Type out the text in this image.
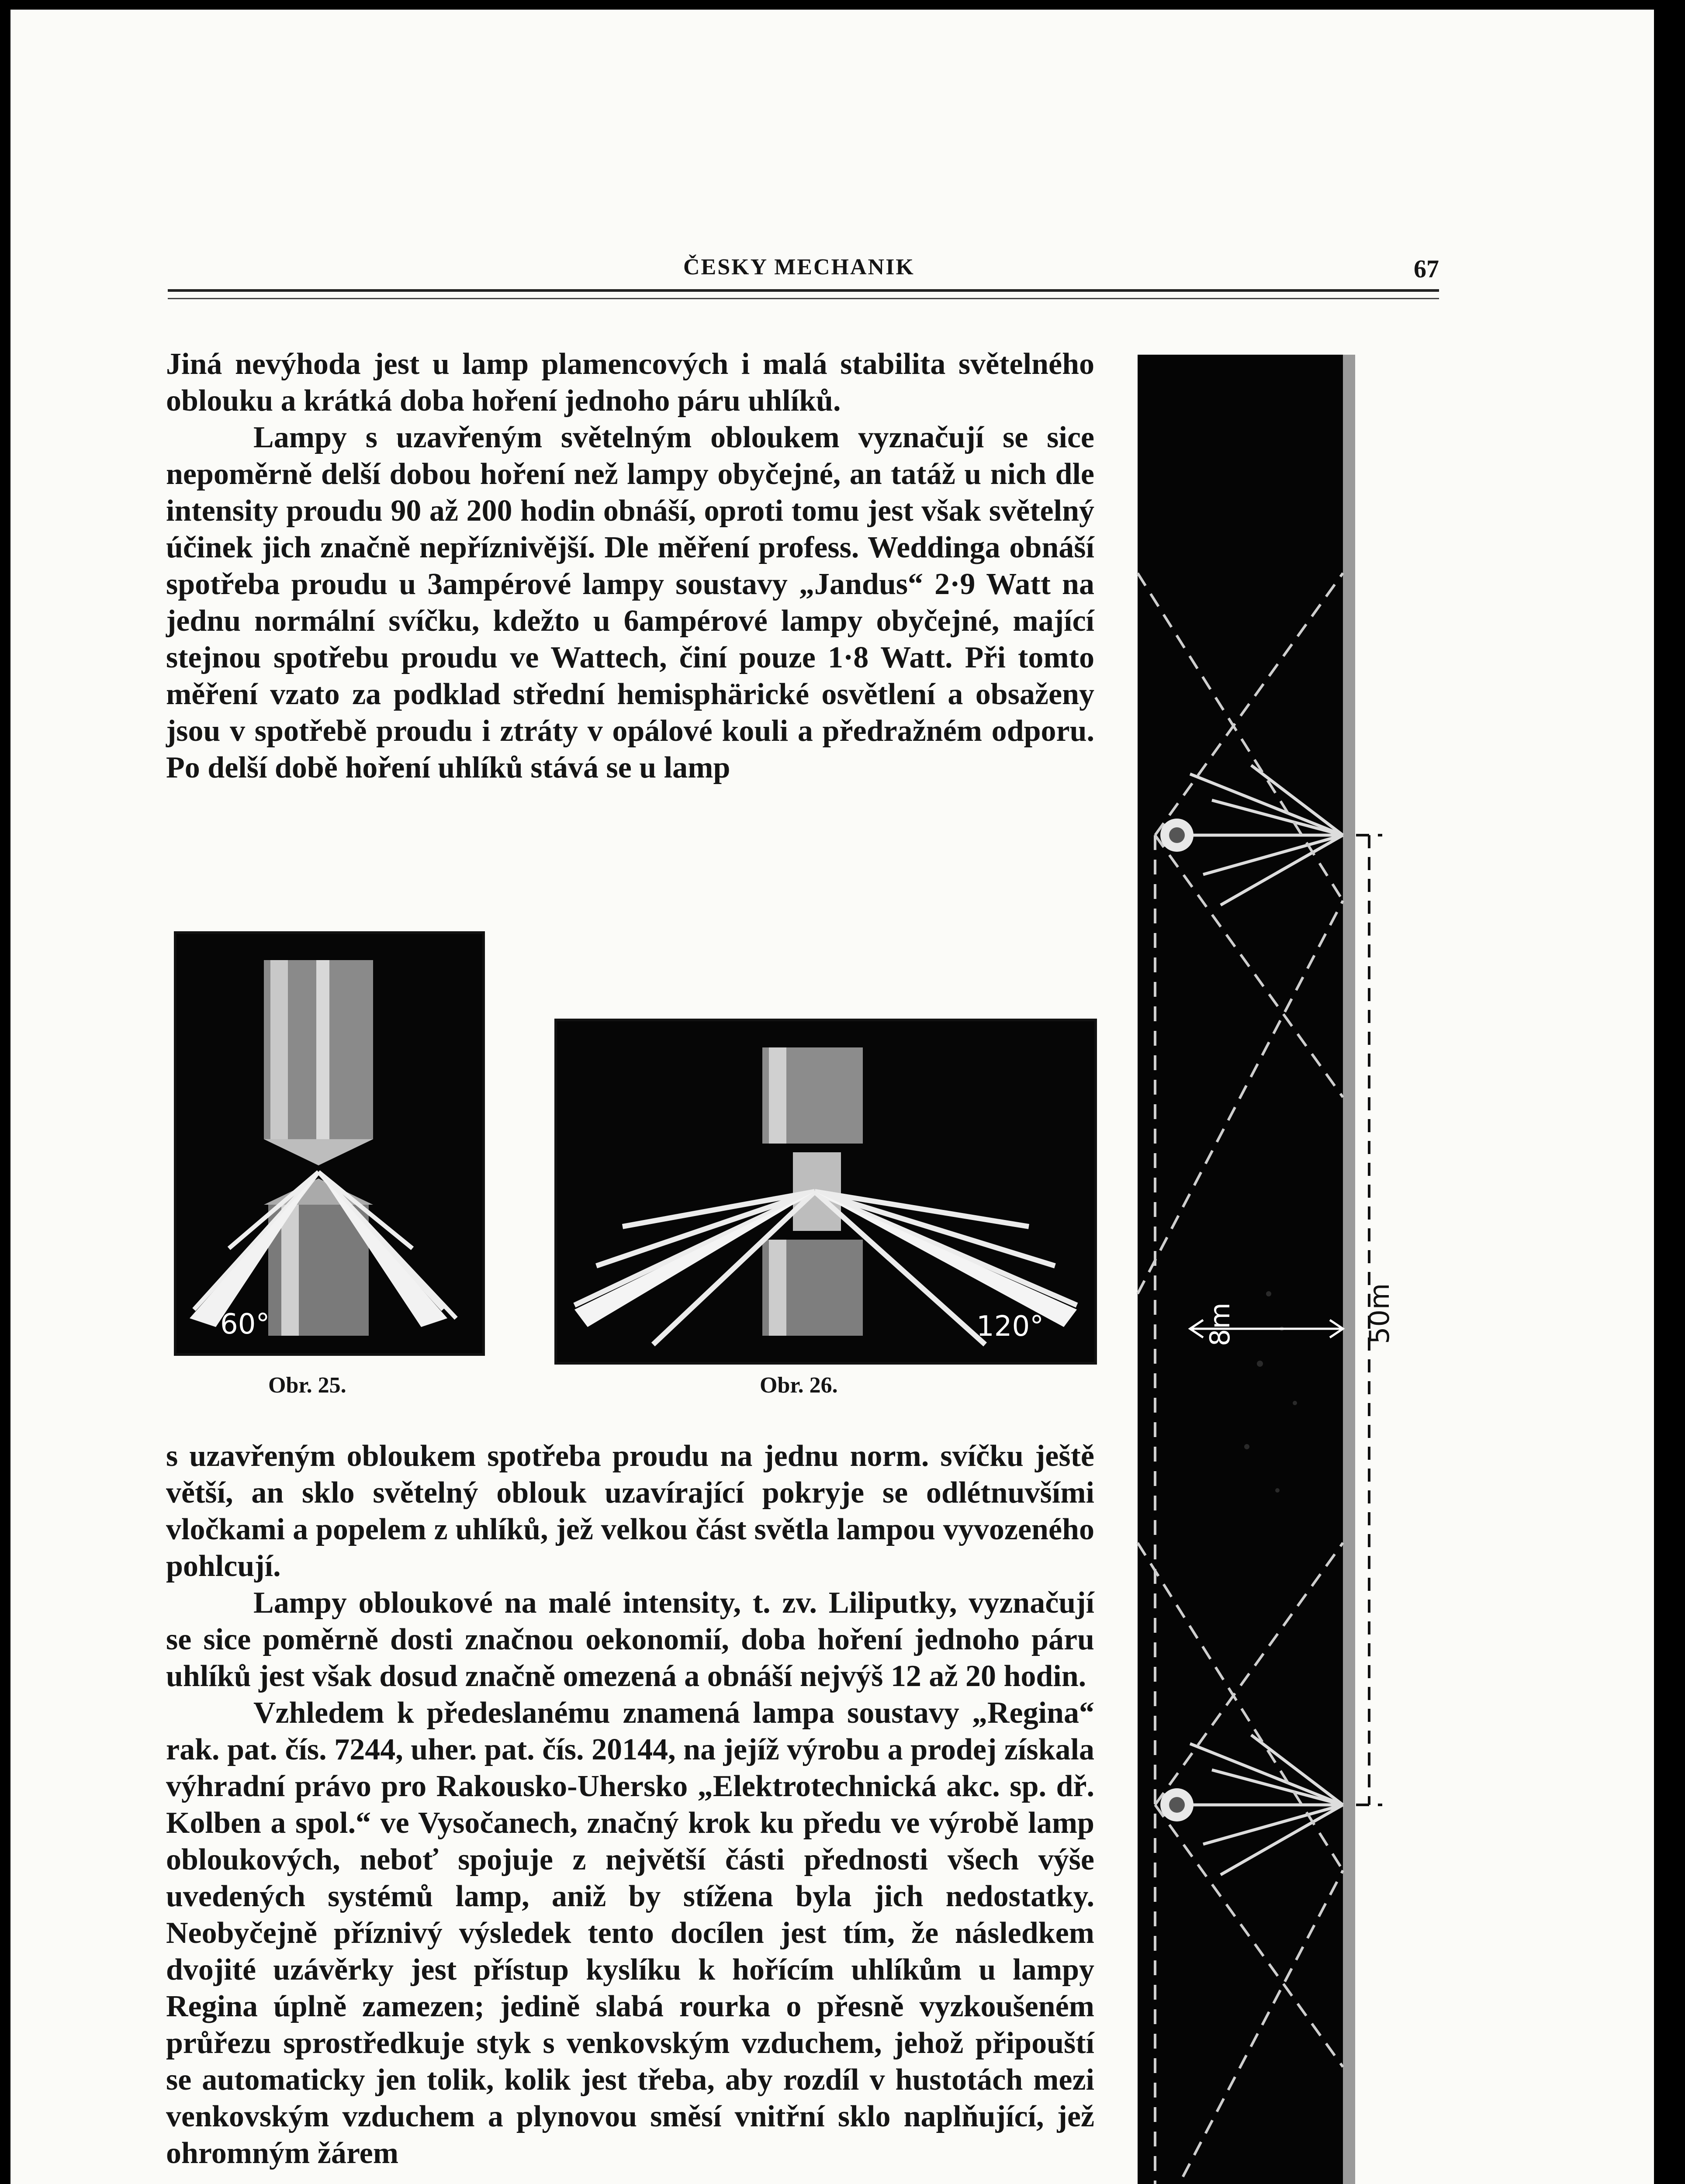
ČESKY MECHANIK	67

Jiná nevýhoda jest u lamp plamencových i malá stabilita světelného oblouku a krátká doba hoření jednoho páru uhlíků.

Lampy s uzavřeným světelným obloukem vyznačují se sice nepoměrně delší dobou hoření než lampy obyčejné, an tatáž u nich dle intensity proudu 90 až 200 hodin obnáší, oproti tomu jest však světelný účinek jich značně nepříznivější. Dle měření profess. Weddinga obnáší spotřeba proudu u 3ampérové lampy soustavy „Jandus“ 2·9 Watt na jednu normální svíčku, kdežto u 6ampérové lampy obyčejné, mající stejnou spotřebu proudu ve Wattech, činí pouze 1·8 Watt. Při tomto měření vzato za podklad střední hemisphärické osvětlení a obsaženy jsou v spotřebě proudu i ztráty v opálové kouli a předražném odporu. Po delší době hoření uhlíků stává se u lamp

60°
Obr. 25.
120°
Obr. 26.

s uzavřeným obloukem spotřeba proudu na jednu norm. svíčku ještě větší, an sklo světelný oblouk uzavírající pokryje se odlétnuvšími vločkami a popelem z uhlíků, jež velkou část světla lampou vyvozeného pohlcují.

Lampy obloukové na malé intensity, t. zv. Liliputky, vyznačují se sice poměrně dosti značnou oekonomií, doba hoření jednoho páru uhlíků jest však dosud značně omezená a obnáší nejvýš 12 až 20 hodin.

Vzhledem k předeslanému znamená lampa soustavy „Regina“ rak. pat. čís. 7244, uher. pat. čís. 20144, na jejíž výrobu a prodej získala výhradní právo pro Rakousko-Uhersko „Elektrotechnická akc. sp. dř. Kolben a spol.“ ve Vysočanech, značný krok ku předu ve výrobě lamp obloukových, neboť spojuje z největší části přednosti všech výše uvedených systémů lamp, aniž by stížena byla jich nedostatky. Neobyčejně příznivý výsledek tento docílen jest tím, že následkem dvojité uzávěrky jest přístup kyslíku k hořícím uhlíkům u lampy Regina úplně zamezen; jedině slabá rourka o přesně vyzkoušeném průřezu sprostředkuje styk s venkovským vzduchem, jehož připouští se automaticky jen tolik, kolik jest třeba, aby rozdíl v hustotách mezi venkovským vzduchem a plynovou směsí vnitřní sklo naplňující, jež ohromným žárem

8m	50m
